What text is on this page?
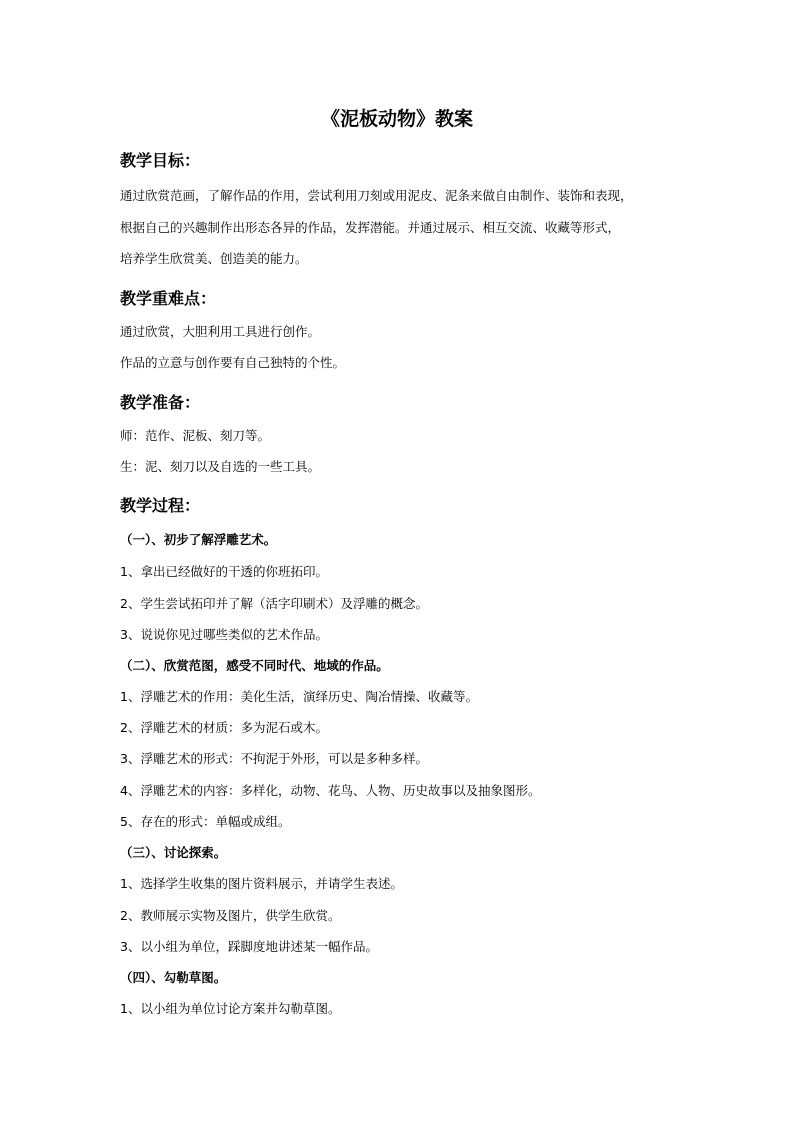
《泥板动物》教案
教学目标：

通过欣赏范画，了解作品的作用，尝试利用刀刻或用泥皮、泥条来做自由制作、装饰和表现，

根据自己的兴趣制作出形态各异的作品，发挥潜能。并通过展示、相互交流、收藏等形式，

培养学生欣赏美、创造美的能力。

教学重难点：

通过欣赏，大胆利用工具进行创作。

作品的立意与创作要有自己独特的个性。

教学准备：

师：范作、泥板、刻刀等。

生：泥、刻刀以及自选的一些工具。

教学过程：

（一）、初步了解浮雕艺术。

1、拿出已经做好的干透的你班拓印。

2、学生尝试拓印并了解（活字印刷术）及浮雕的概念。

3、说说你见过哪些类似的艺术作品。

（二）、欣赏范图，感受不同时代、地域的作品。

1、浮雕艺术的作用：美化生活，演绎历史、陶冶情操、收藏等。

2、浮雕艺术的材质：多为泥石或木。

3、浮雕艺术的形式：不拘泥于外形，可以是多种多样。

4、浮雕艺术的内容：多样化，动物、花鸟、人物、历史故事以及抽象图形。

5、存在的形式：单幅或成组。

（三）、讨论探索。

1、选择学生收集的图片资料展示，并请学生表述。

2、教师展示实物及图片，供学生欣赏。

3、以小组为单位，踩脚度地讲述某一幅作品。

（四）、勾勒草图。

1、以小组为单位讨论方案并勾勒草图。
